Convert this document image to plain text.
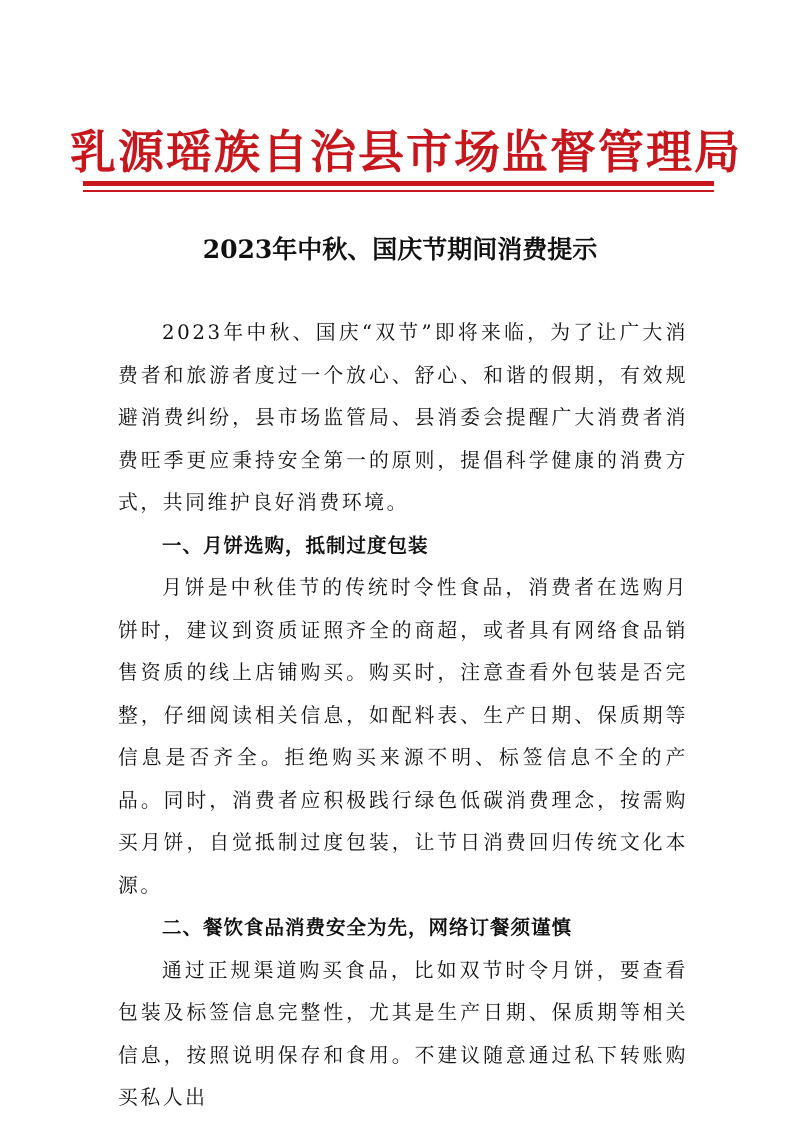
乳源瑶族自治县市场监督管理局
2023年中秋、国庆节期间消费提示

2023年中秋、国庆“双节”即将来临，为了让广大消费者和旅游者度过一个放心、舒心、和谐的假期，有效规避消费纠纷，县市场监管局、县消委会提醒广大消费者消费旺季更应秉持安全第一的原则，提倡科学健康的消费方式，共同维护良好消费环境。

一、月饼选购，抵制过度包装

月饼是中秋佳节的传统时令性食品，消费者在选购月饼时，建议到资质证照齐全的商超，或者具有网络食品销售资质的线上店铺购买。购买时，注意查看外包装是否完整，仔细阅读相关信息，如配料表、生产日期、保质期等信息是否齐全。拒绝购买来源不明、标签信息不全的产品。同时，消费者应积极践行绿色低碳消费理念，按需购买月饼，自觉抵制过度包装，让节日消费回归传统文化本源。

二、餐饮食品消费安全为先，网络订餐须谨慎

通过正规渠道购买食品，比如双节时令月饼，要查看包装及标签信息完整性，尤其是生产日期、保质期等相关信息，按照说明保存和食用。不建议随意通过私下转账购买私人出
